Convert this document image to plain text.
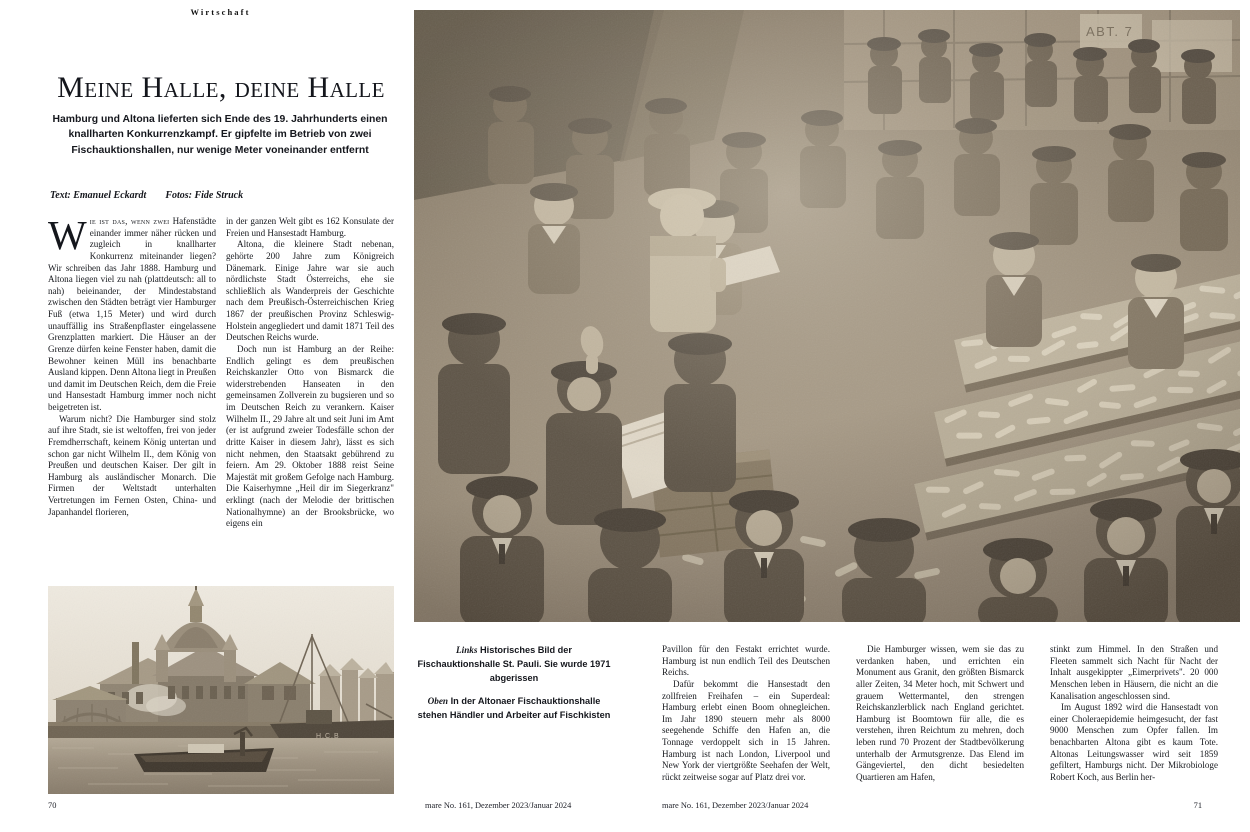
Wirtschaft
Meine Halle, deine Halle
Hamburg und Altona lieferten sich Ende des 19. Jahrhunderts einen knallharten Konkurrenzkampf. Er gipfelte im Betrieb von zwei Fischauktionshallen, nur wenige Meter voneinander entfernt
Text: Emanuel Eckardt Fotos: Fide Struck

Wie ist das, wenn zwei Hafenstädte einander immer näher rücken und zugleich in knallharter Konkurrenz miteinander liegen? Wir schreiben das Jahr 1888. Hamburg und Altona liegen viel zu nah (plattdeutsch: all to nah) beieinander, der Mindestabstand zwischen den Städten beträgt vier Hamburger Fuß (etwa 1,15 Meter) und wird durch unauffällig ins Straßenpflaster eingelassene Grenzplatten markiert. Die Häuser an der Grenze dürfen keine Fenster haben, damit die Bewohner keinen Müll ins benachbarte Ausland kippen. Denn Altona liegt in Preußen und damit im Deutschen Reich, dem die Freie und Hansestadt Hamburg immer noch nicht beigetreten ist.

Warum nicht? Die Hamburger sind stolz auf ihre Stadt, sie ist weltoffen, frei von jeder Fremdherrschaft, keinem König untertan und schon gar nicht Wilhelm II., dem König von Preußen und deutschen Kaiser. Der gilt in Hamburg als ausländischer Monarch. Die Firmen der Weltstadt unterhalten Vertretungen im Fernen Osten, China- und Japanhandel florieren,

in der ganzen Welt gibt es 162 Konsulate der Freien und Hansestadt Hamburg.

Altona, die kleinere Stadt nebenan, gehörte 200 Jahre zum Königreich Dänemark. Einige Jahre war sie auch nördlichste Stadt Österreichs, ehe sie schließlich als Wanderpreis der Geschichte nach dem Preußisch-Österreichischen Krieg 1867 der preußischen Provinz Schleswig-Holstein angegliedert und damit 1871 Teil des Deutschen Reichs wurde.

Doch nun ist Hamburg an der Reihe: Endlich gelingt es dem preußischen Reichskanzler Otto von Bismarck die widerstrebenden Hanseaten in den gemeinsamen Zollverein zu bugsieren und so im Deutschen Reich zu verankern. Kaiser Wilhelm II., 29 Jahre alt und seit Juni im Amt (er ist aufgrund zweier Todesfälle schon der dritte Kaiser in diesem Jahr), lässt es sich nicht nehmen, den Staatsakt gebührend zu feiern. Am 29. Oktober 1888 reist Seine Majestät mit großem Gefolge nach Hamburg. Die Kaiserhymne „Heil dir im Siegerkranz" erklingt (nach der Melodie der brittischen Nationalhymne) an der Brooksbrücke, wo eigens ein

70	mare No. 161, Dezember 2023/Januar 2024
Links Historisches Bild der Fischauktionshalle St. Pauli. Sie wurde 1971 abgerissen
Oben In der Altonaer Fischauktionshalle stehen Händler und Arbeiter auf Fischkisten

Pavillon für den Festakt errichtet wurde. Hamburg ist nun endlich Teil des Deutschen Reichs.

Dafür bekommt die Hansestadt den zollfreien Freihafen – ein Superdeal: Hamburg erlebt einen Boom ohnegleichen. Im Jahr 1890 steuern mehr als 8000 seegehende Schiffe den Hafen an, die Tonnage verdoppelt sich in 15 Jahren. Hamburg ist nach London, Liverpool und New York der viertgrößte Seehafen der Welt, rückt zeitweise sogar auf Platz drei vor.

Die Hamburger wissen, wem sie das zu verdanken haben, und errichten ein Monument aus Granit, den größten Bismarck aller Zeiten, 34 Meter hoch, mit Schwert und grauem Wettermantel, den strengen Reichskanzlerblick nach England gerichtet. Hamburg ist Boomtown für alle, die es verstehen, ihren Reichtum zu mehren, doch leben rund 70 Prozent der Stadtbevölkerung unterhalb der Armutsgrenze. Das Elend im Gängeviertel, den dicht besiedelten Quartieren am Hafen,

stinkt zum Himmel. In den Straßen und Fleeten sammelt sich Nacht für Nacht der Inhalt ausgekippter „Eimerprivets". 20 000 Menschen leben in Häusern, die nicht an die Kanalisation angeschlossen sind.

Im August 1892 wird die Hansestadt von einer Choleraepidemie heimgesucht, der fast 9000 Menschen zum Opfer fallen. Im benachbarten Altona gibt es kaum Tote. Altonas Leitungswasser wird seit 1859 gefiltert, Hamburgs nicht. Der Mikrobiologe Robert Koch, aus Berlin her-

mare No. 161, Dezember 2023/Januar 2024	71
